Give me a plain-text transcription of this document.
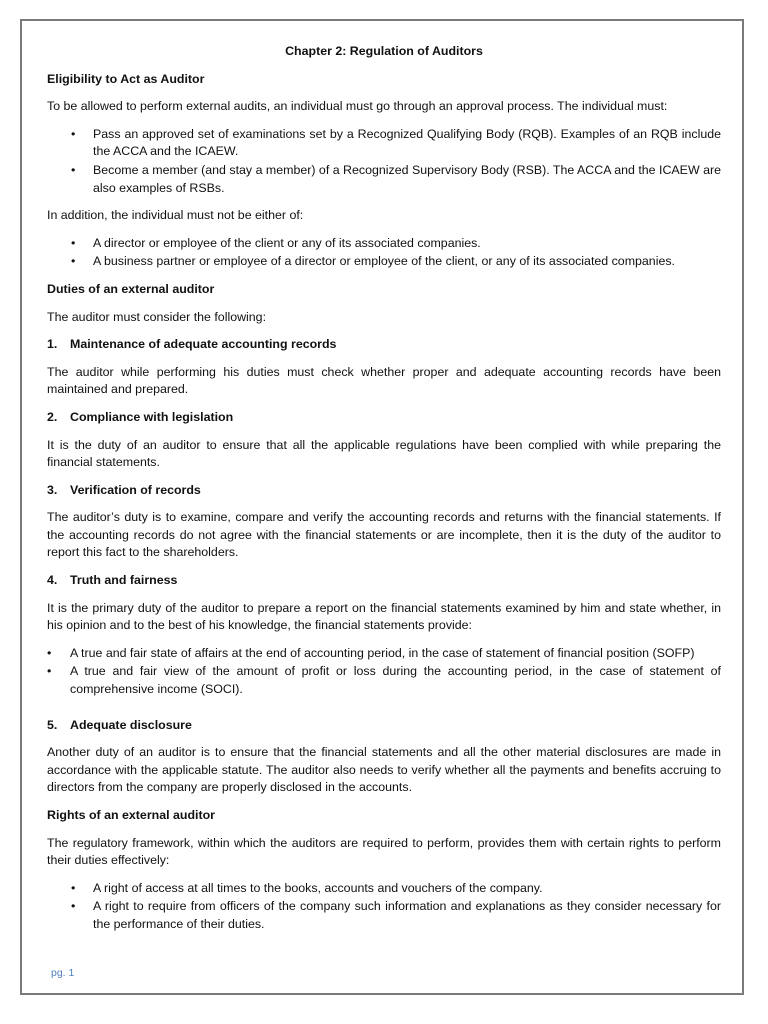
Chapter 2: Regulation of Auditors
Eligibility to Act as Auditor

To be allowed to perform external audits, an individual must go through an approval process. The individual must:

• Pass an approved set of examinations set by a Recognized Qualifying Body (RQB). Examples of an RQB include the ACCA and the ICAEW.
• Become a member (and stay a member) of a Recognized Supervisory Body (RSB). The ACCA and the ICAEW are also examples of RSBs.

In addition, the individual must not be either of:

• A director or employee of the client or any of its associated companies.
• A business partner or employee of a director or employee of the client, or any of its associated companies.
Duties of an external auditor

The auditor must consider the following:

1.	Maintenance of adequate accounting records

The auditor while performing his duties must check whether proper and adequate accounting records have been maintained and prepared.

2.	Compliance with legislation

It is the duty of an auditor to ensure that all the applicable regulations have been complied with while preparing the financial statements.

3.	Verification of records

The auditor’s duty is to examine, compare and verify the accounting records and returns with the financial statements. If the accounting records do not agree with the financial statements or are incomplete, then it is the duty of the auditor to report this fact to the shareholders.

4.	Truth and fairness

It is the primary duty of the auditor to prepare a report on the financial statements examined by him and state whether, in his opinion and to the best of his knowledge, the financial statements provide:

• A true and fair state of affairs at the end of accounting period, in the case of statement of financial position (SOFP)
• A true and fair view of the amount of profit or loss during the accounting period, in the case of statement of comprehensive income (SOCI).
5.	Adequate disclosure

Another duty of an auditor is to ensure that the financial statements and all the other material disclosures are made in accordance with the applicable statute. The auditor also needs to verify whether all the payments and benefits accruing to directors from the company are properly disclosed in the accounts.

Rights of an external auditor

The regulatory framework, within which the auditors are required to perform, provides them with certain rights to perform their duties effectively:

• A right of access at all times to the books, accounts and vouchers of the company.
• A right to require from officers of the company such information and explanations as they consider necessary for the performance of their duties.
pg. 1
